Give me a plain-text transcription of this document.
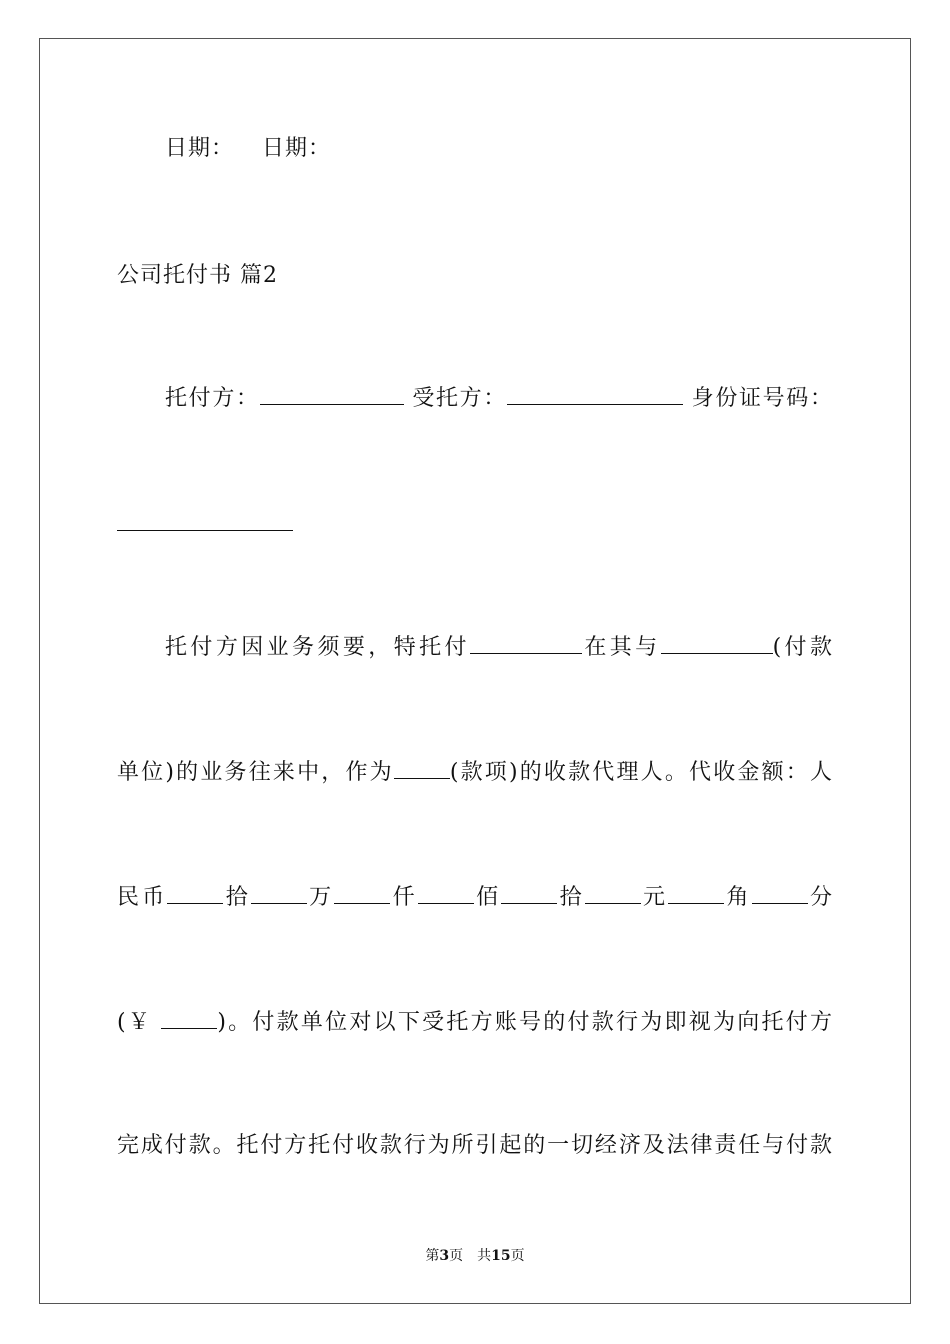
日期： 日期：
公司托付书 篇2
托付方：	受托方：	身份证号码：
托付方因业务须要，特托付	在其与	(付款
单位)的业务往来中，作为	(款项)的收款代理人。代收金额：人
民币	拾	万	仟	佰	拾	元	角	分
(￥	)。付款单位对以下受托方账号的付款行为即视为向托付方
完成付款。托付方托付收款行为所引起的一切经济及法律责任与付款
第3页　共15页
